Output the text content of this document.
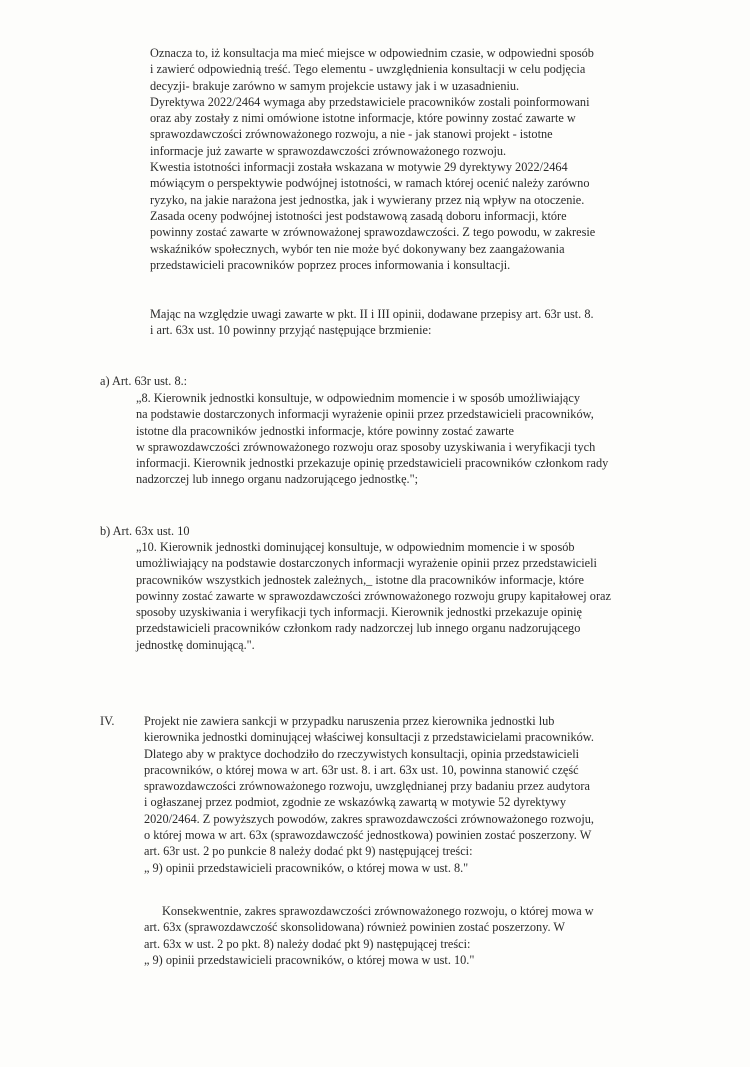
Oznacza to, iż konsultacja ma mieć miejsce w odpowiednim czasie, w odpowiedni sposób
i zawierć odpowiednią treść. Tego elementu - uwzględnienia konsultacji w celu podjęcia
decyzji- brakuje zarówno w samym projekcie ustawy jak i w uzasadnieniu.
Dyrektywa 2022/2464 wymaga aby przedstawiciele pracowników zostali poinformowani
oraz aby zostały z nimi omówione istotne informacje, które powinny zostać zawarte w
sprawozdawczości zrównoważonego rozwoju, a nie - jak stanowi projekt - istotne
informacje już zawarte w sprawozdawczości zrównoważonego rozwoju.
Kwestia istotności informacji została wskazana w motywie 29 dyrektywy 2022/2464
mówiącym o perspektywie podwójnej istotności, w ramach której ocenić należy zarówno
ryzyko, na jakie narażona jest jednostka, jak i wywierany przez nią wpływ na otoczenie.
Zasada oceny podwójnej istotności jest podstawową zasadą doboru informacji, które
powinny zostać zawarte w zrównoważonej sprawozdawczości. Z tego powodu, w zakresie
wskaźników społecznych, wybór ten nie może być dokonywany bez zaangażowania
przedstawicieli pracowników poprzez proces informowania i konsultacji.
Mając na względzie uwagi zawarte w pkt. II i III opinii, dodawane przepisy art. 63r ust. 8.
i art. 63x ust. 10 powinny przyjąć następujące brzmienie:
a) Art. 63r ust. 8.:
„8. Kierownik jednostki konsultuje, w odpowiednim momencie i w sposób umożliwiający
na podstawie dostarczonych informacji wyrażenie opinii przez przedstawicieli pracowników,
istotne dla pracowników jednostki informacje, które powinny zostać zawarte
w sprawozdawczości zrównoważonego rozwoju oraz sposoby uzyskiwania i weryfikacji tych
informacji. Kierownik jednostki przekazuje opinię przedstawicieli pracowników członkom rady
nadzorczej lub innego organu nadzorującego jednostkę.";
b) Art. 63x ust. 10
„10. Kierownik jednostki dominującej konsultuje, w odpowiednim momencie i w sposób
umożliwiający na podstawie dostarczonych informacji wyrażenie opinii przez przedstawicieli
pracowników wszystkich jednostek zależnych,_ istotne dla pracowników informacje, które
powinny zostać zawarte w sprawozdawczości zrównoważonego rozwoju grupy kapitałowej oraz
sposoby uzyskiwania i weryfikacji tych informacji. Kierownik jednostki przekazuje opinię
przedstawicieli pracowników członkom rady nadzorczej lub innego organu nadzorującego
jednostkę dominującą.".
IV. Projekt nie zawiera sankcji w przypadku naruszenia przez kierownika jednostki lub
kierownika jednostki dominującej właściwej konsultacji z przedstawicielami pracowników.
Dlatego aby w praktyce dochodziło do rzeczywistych konsultacji, opinia przedstawicieli
pracowników, o której mowa w art. 63r ust. 8. i art. 63x ust. 10, powinna stanowić część
sprawozdawczości zrównoważonego rozwoju, uwzględnianej przy badaniu przez audytora
i ogłaszanej przez podmiot, zgodnie ze wskazówką zawartą w motywie 52 dyrektywy
2020/2464. Z powyższych powodów, zakres sprawozdawczości zrównoważonego rozwoju,
o której mowa w art. 63x (sprawozdawczość jednostkowa) powinien zostać poszerzony. W
art. 63r ust. 2 po punkcie 8 należy dodać pkt 9) następującej treści:
„ 9) opinii przedstawicieli pracowników, o której mowa w ust. 8."
Konsekwentnie, zakres sprawozdawczości zrównoważonego rozwoju, o której mowa w
art. 63x (sprawozdawczość skonsolidowana) również powinien zostać poszerzony. W
art. 63x w ust. 2 po pkt. 8) należy dodać pkt 9) następującej treści:
„ 9) opinii przedstawicieli pracowników, o której mowa w ust. 10."
